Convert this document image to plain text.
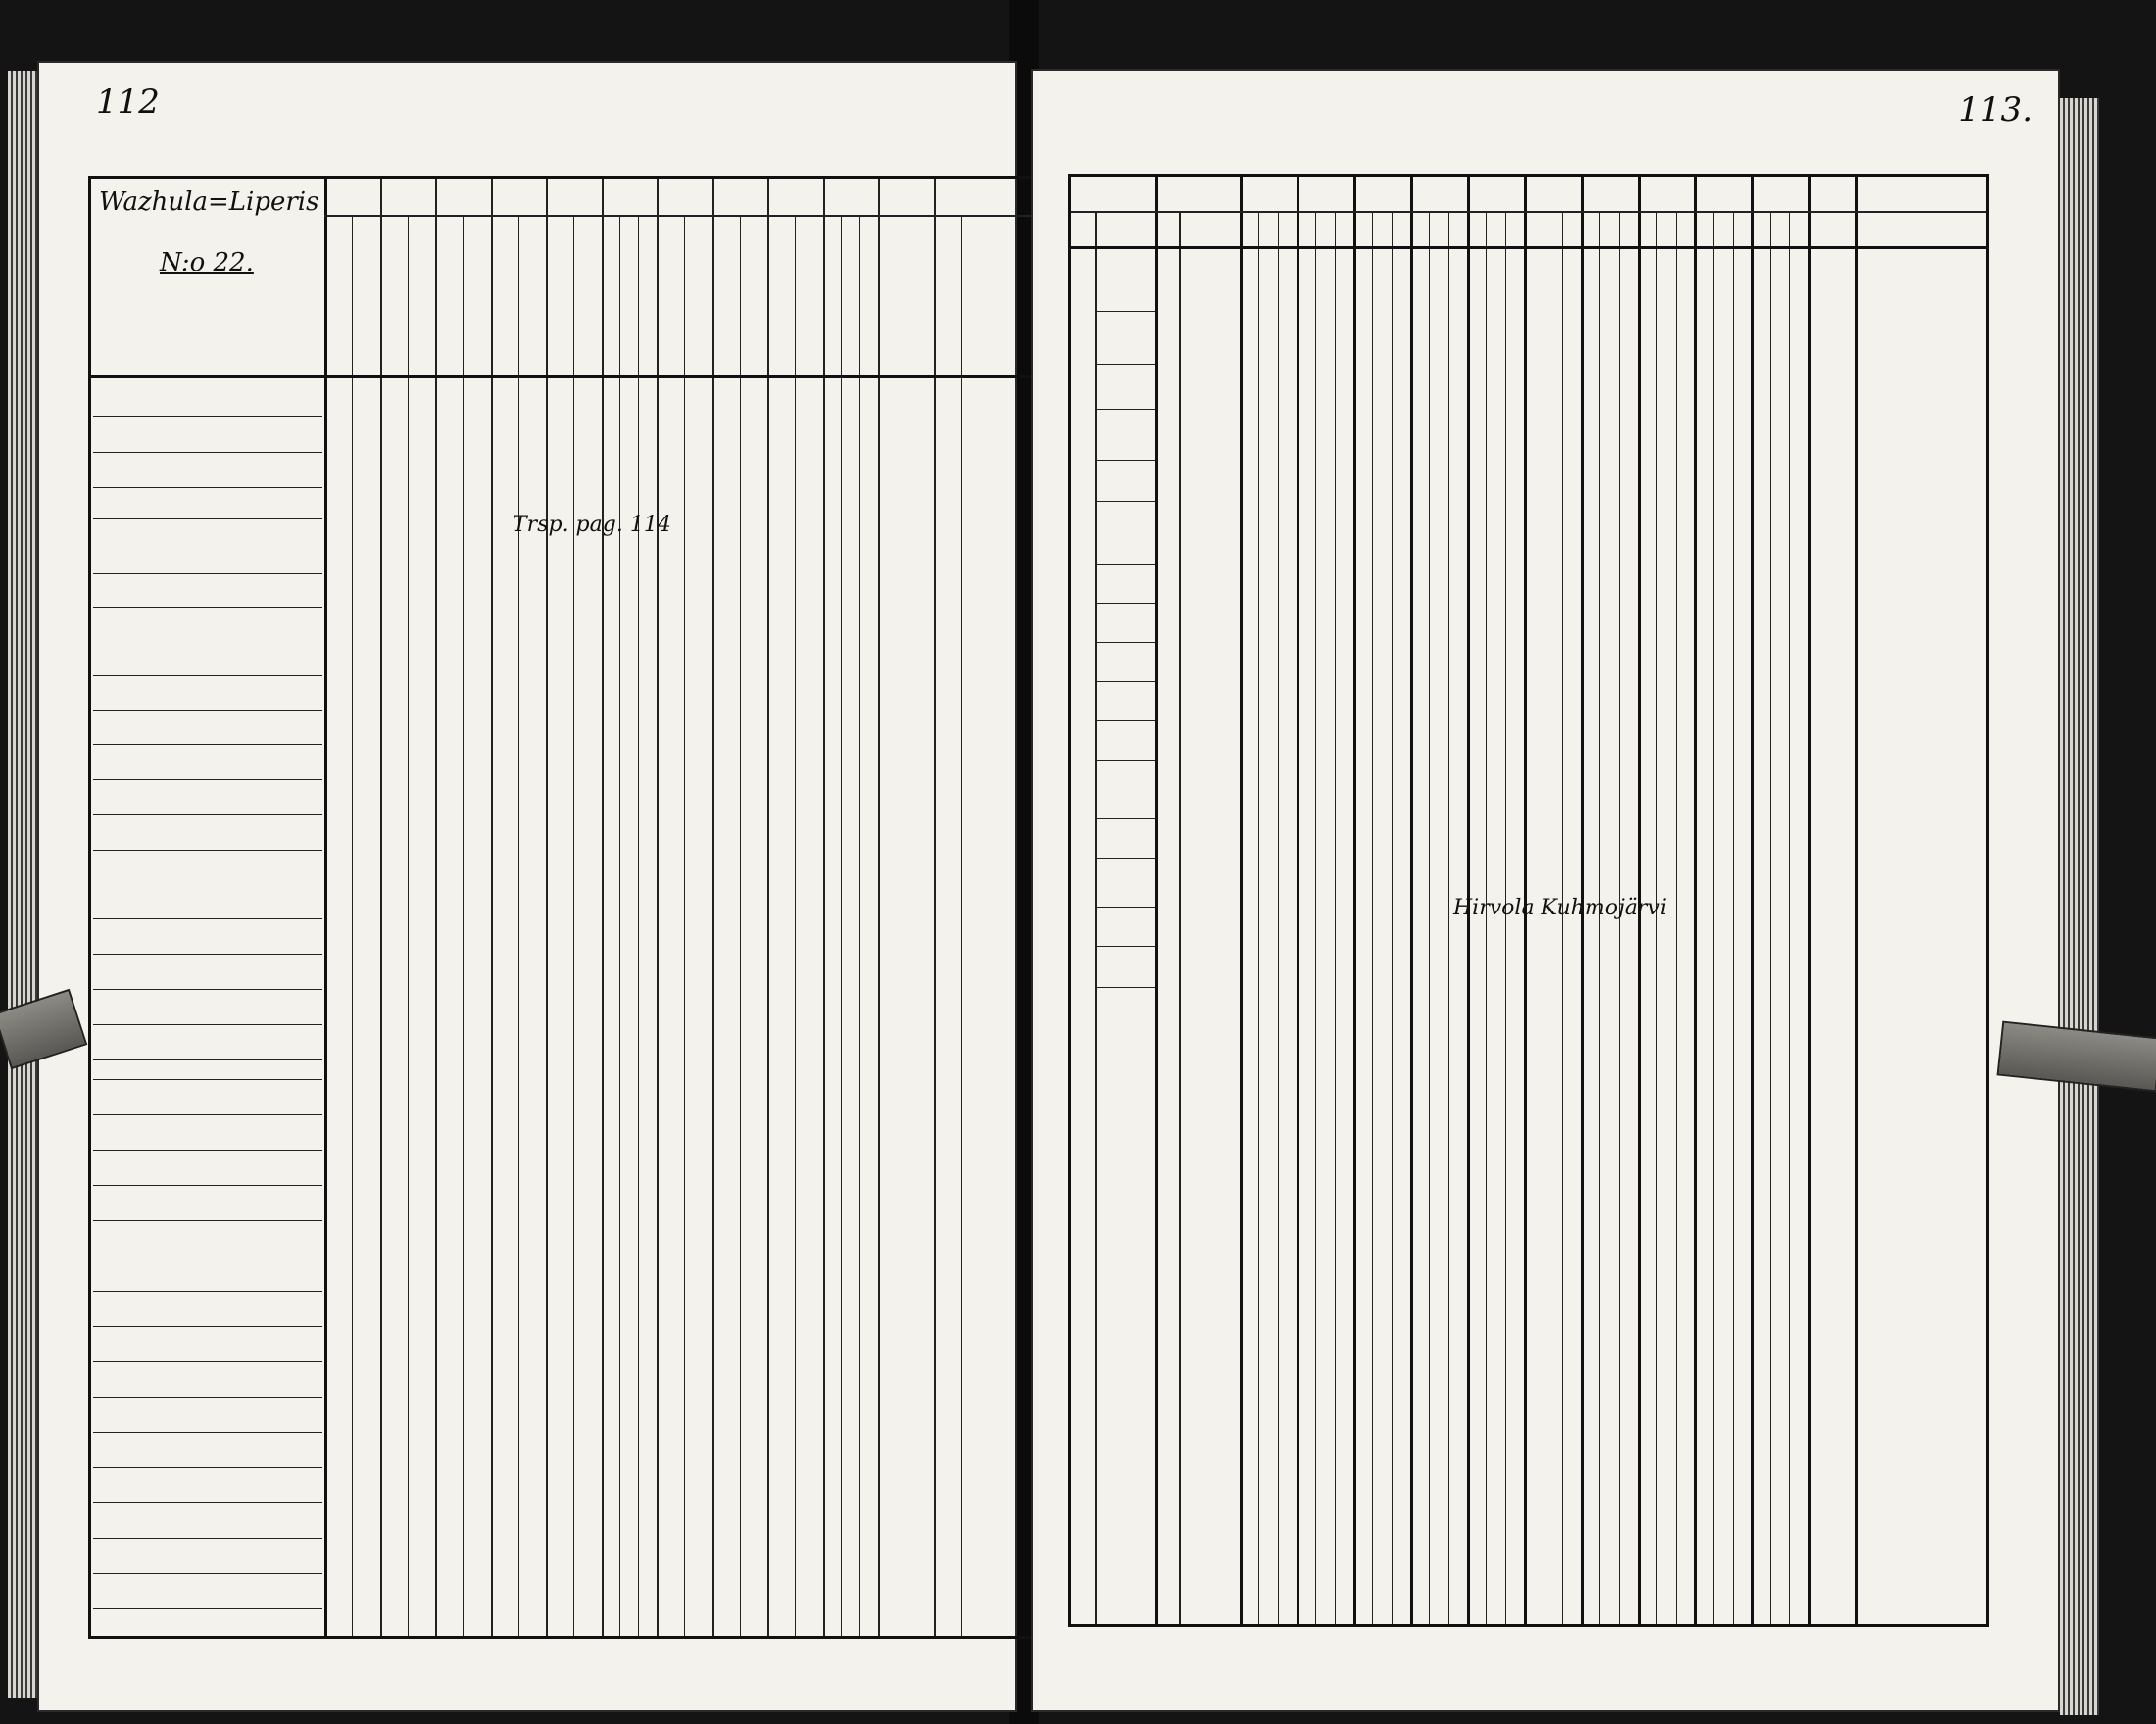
112
Wazhula=Liperis
N:o 22.
Trsp. pag. 114
113.
Hirvola Kuhmojärvi
